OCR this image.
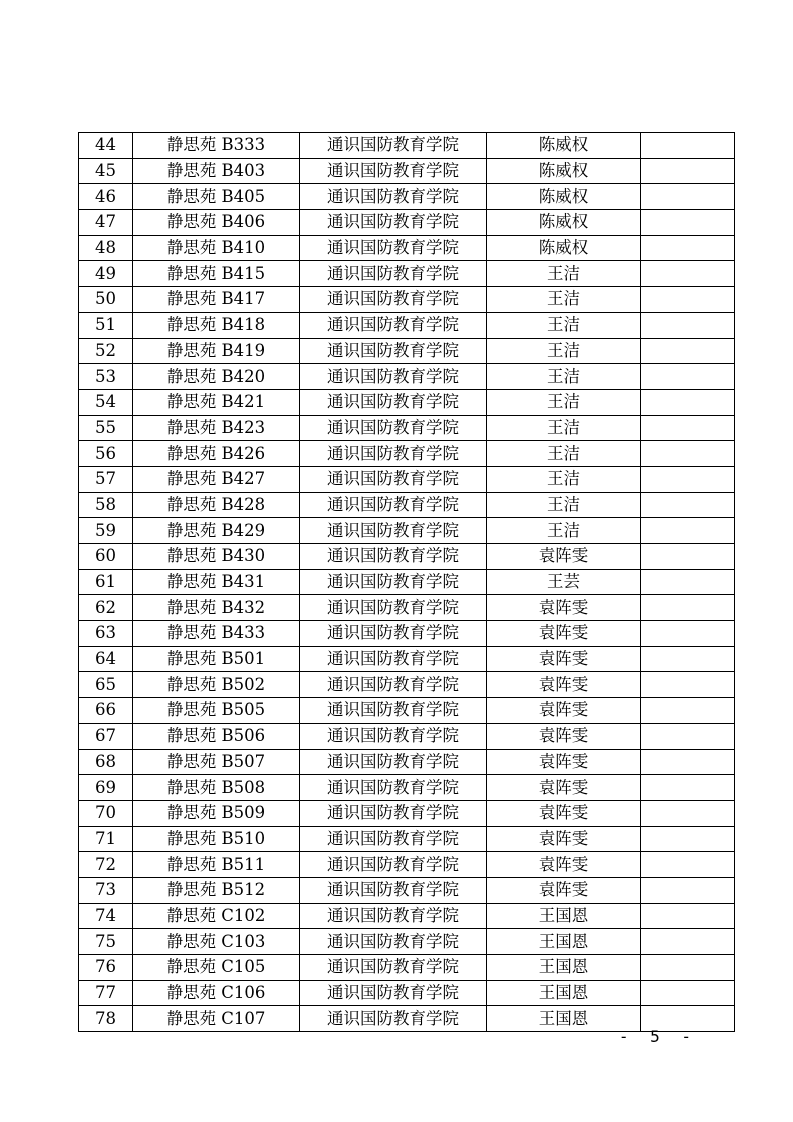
44	静思苑 B333	通识国防教育学院	陈威权	
45	静思苑 B403	通识国防教育学院	陈威权	
46	静思苑 B405	通识国防教育学院	陈威权	
47	静思苑 B406	通识国防教育学院	陈威权	
48	静思苑 B410	通识国防教育学院	陈威权	
49	静思苑 B415	通识国防教育学院	王洁	
50	静思苑 B417	通识国防教育学院	王洁	
51	静思苑 B418	通识国防教育学院	王洁	
52	静思苑 B419	通识国防教育学院	王洁	
53	静思苑 B420	通识国防教育学院	王洁	
54	静思苑 B421	通识国防教育学院	王洁	
55	静思苑 B423	通识国防教育学院	王洁	
56	静思苑 B426	通识国防教育学院	王洁	
57	静思苑 B427	通识国防教育学院	王洁	
58	静思苑 B428	通识国防教育学院	王洁	
59	静思苑 B429	通识国防教育学院	王洁	
60	静思苑 B430	通识国防教育学院	袁阵雯	
61	静思苑 B431	通识国防教育学院	王芸	
62	静思苑 B432	通识国防教育学院	袁阵雯	
63	静思苑 B433	通识国防教育学院	袁阵雯	
64	静思苑 B501	通识国防教育学院	袁阵雯	
65	静思苑 B502	通识国防教育学院	袁阵雯	
66	静思苑 B505	通识国防教育学院	袁阵雯	
67	静思苑 B506	通识国防教育学院	袁阵雯	
68	静思苑 B507	通识国防教育学院	袁阵雯	
69	静思苑 B508	通识国防教育学院	袁阵雯	
70	静思苑 B509	通识国防教育学院	袁阵雯	
71	静思苑 B510	通识国防教育学院	袁阵雯	
72	静思苑 B511	通识国防教育学院	袁阵雯	
73	静思苑 B512	通识国防教育学院	袁阵雯	
74	静思苑 C102	通识国防教育学院	王国恩	
75	静思苑 C103	通识国防教育学院	王国恩	
76	静思苑 C105	通识国防教育学院	王国恩	
77	静思苑 C106	通识国防教育学院	王国恩	
78	静思苑 C107	通识国防教育学院	王国恩	
- 5 -
